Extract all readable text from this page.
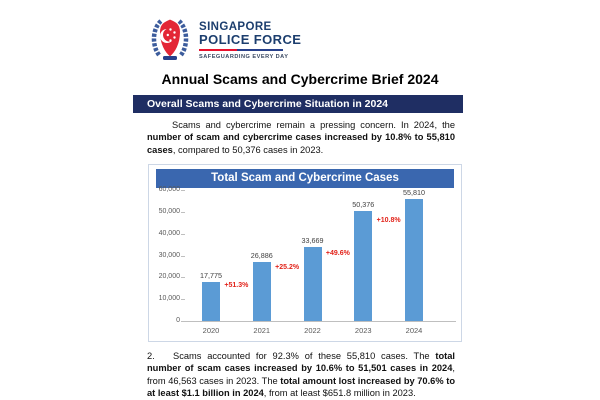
SINGAPORE
POLICE FORCE
SAFEGUARDING EVERY DAY
Annual Scams and Cybercrime Brief 2024
Overall Scams and Cybercrime Situation in 2024
Scams and cybercrime remain a pressing concern. In 2024, the number of scam and cybercrime cases increased by 10.8% to 55,810 cases, compared to 50,376 cases in 2023.
Total Scam and Cybercrime Cases
0
10,000
20,000
30,000
40,000
50,000
60,000
17,775
2020
26,886
2021
33,669
2022
50,376
2023
55,810
2024
+51.3%
+25.2%
+49.6%
+10.8%
2. Scams accounted for 92.3% of these 55,810 cases. The total number of scam cases increased by 10.6% to 51,501 cases in 2024, from 46,563 cases in 2023. The total amount lost increased by 70.6% to at least $1.1 billion in 2024, from at least $651.8 million in 2023.
